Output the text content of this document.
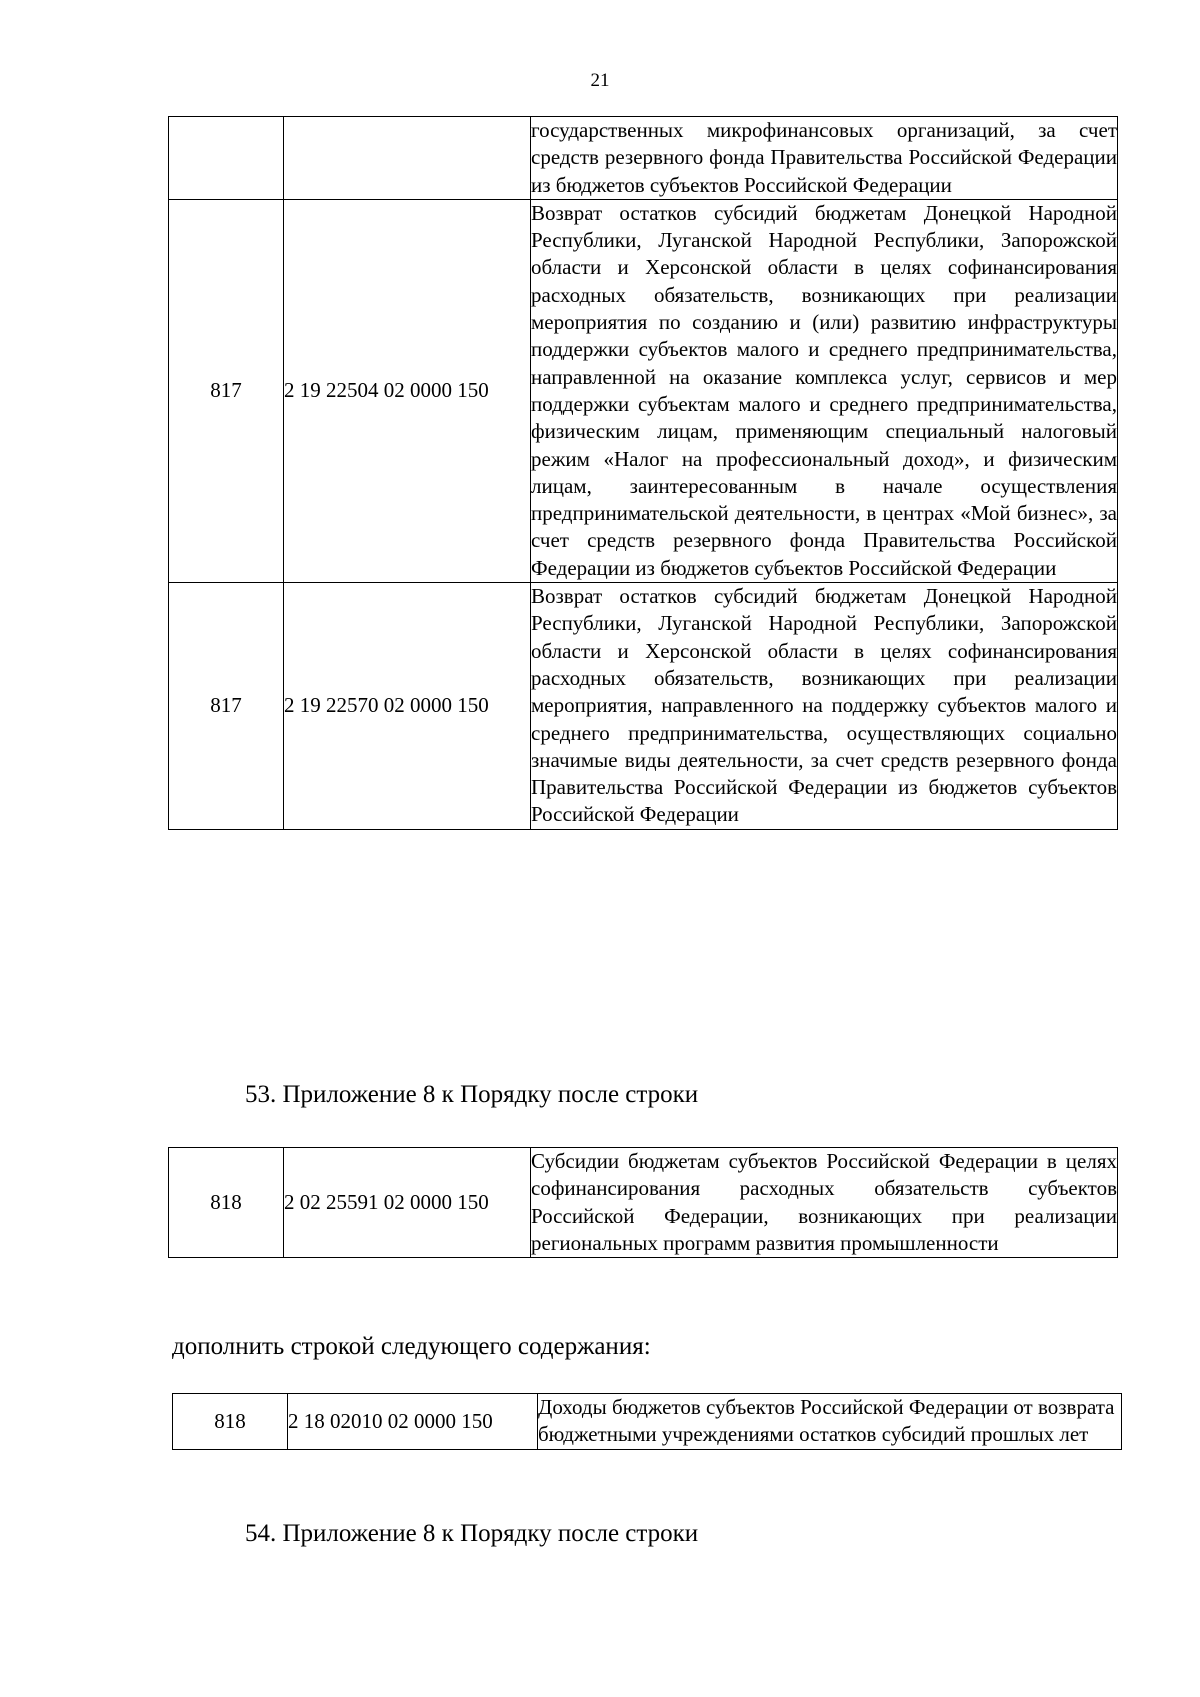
21
		государственных микрофинансовых организаций, за счет средств резервного фонда Правительства Российской Федерации из бюджетов субъектов Российской Федерации
817	2 19 22504 02 0000 150	Возврат остатков субсидий бюджетам Донецкой Народной Республики, Луганской Народной Республики, Запорожской области и Херсонской области в целях софинансирования расходных обязательств, возникающих при реализации мероприятия по созданию и (или) развитию инфраструктуры поддержки субъектов малого и среднего предпринимательства, направленной на оказание комплекса услуг, сервисов и мер поддержки субъектам малого и среднего предпринимательства, физическим лицам, применяющим специальный налоговый режим «Налог на профессиональный доход», и физическим лицам, заинтересованным в начале осуществления предпринимательской деятельности, в центрах «Мой бизнес», за счет средств резервного фонда Правительства Российской Федерации из бюджетов субъектов Российской Федерации
817	2 19 22570 02 0000 150	Возврат остатков субсидий бюджетам Донецкой Народной Республики, Луганской Народной Республики, Запорожской области и Херсонской области в целях софинансирования расходных обязательств, возникающих при реализации мероприятия, направленного на поддержку субъектов малого и среднего предпринимательства, осуществляющих социально значимые виды деятельности, за счет средств резервного фонда Правительства Российской Федерации из бюджетов субъектов Российской Федерации
53. Приложение 8 к Порядку после строки
818	2 02 25591 02 0000 150	Субсидии бюджетам субъектов Российской Федерации в целях софинансирования расходных обязательств субъектов Российской Федерации, возникающих при реализации региональных программ развития промышленности
дополнить строкой следующего содержания:
818	2 18 02010 02 0000 150	Доходы бюджетов субъектов Российской Федерации от возврата бюджетными учреждениями остатков субсидий прошлых лет
54. Приложение 8 к Порядку после строки
